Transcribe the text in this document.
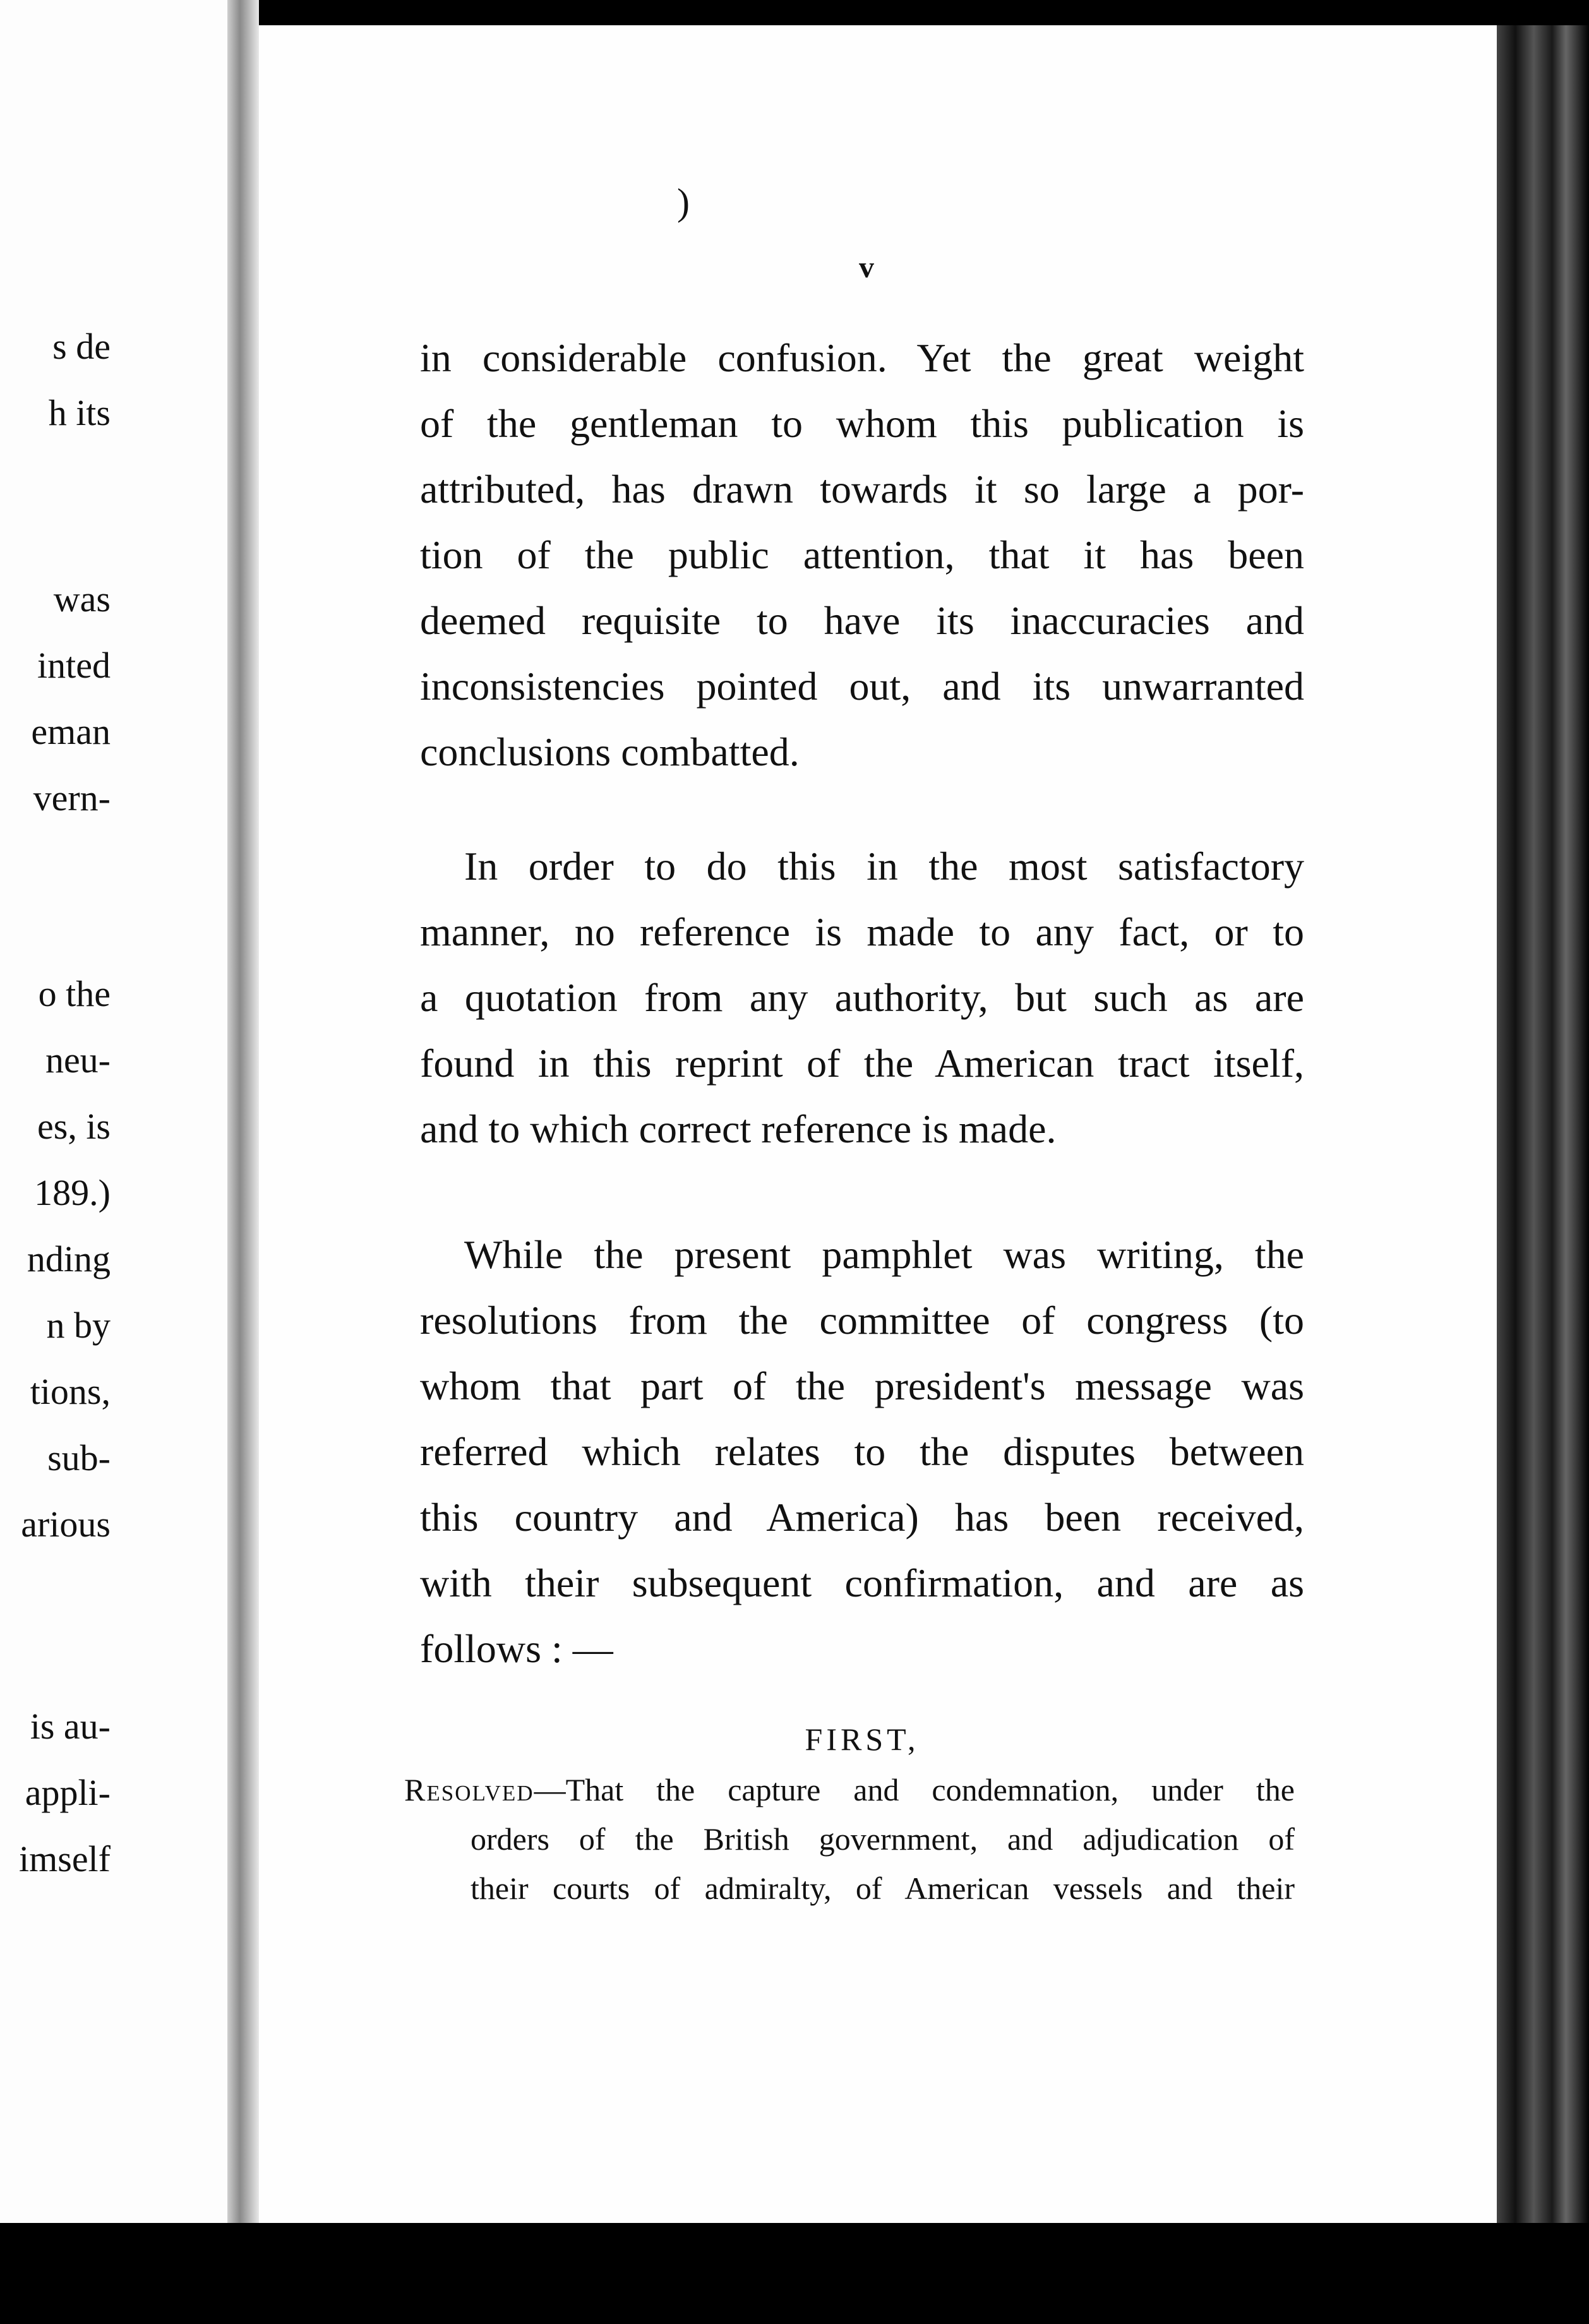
s de
h its
was
inted
eman
vern-
o the
neu-
es, is
189.)
nding
n by
tions,
sub-
arious
is au-
appli-
imself
)
v
in considerable confusion. Yet the great weight
of the gentleman to whom this publication is
attributed, has drawn towards it so large a por-
tion of the public attention, that it has been
deemed requisite to have its inaccuracies and
inconsistencies pointed out, and its unwarranted
conclusions combatted.
In order to do this in the most satisfactory
manner, no reference is made to any fact, or to
a quotation from any authority, but such as are
found in this reprint of the American tract itself,
and to which correct reference is made.
While the present pamphlet was writing, the
resolutions from the committee of congress (to
whom that part of the president's message was
referred which relates to the disputes between
this country and America) has been received,
with their subsequent confirmation, and are as
follows : —
FIRST,
Resolved—That the capture and condemnation, under the
orders of the British government, and adjudication of
their courts of admiralty, of American vessels and their
